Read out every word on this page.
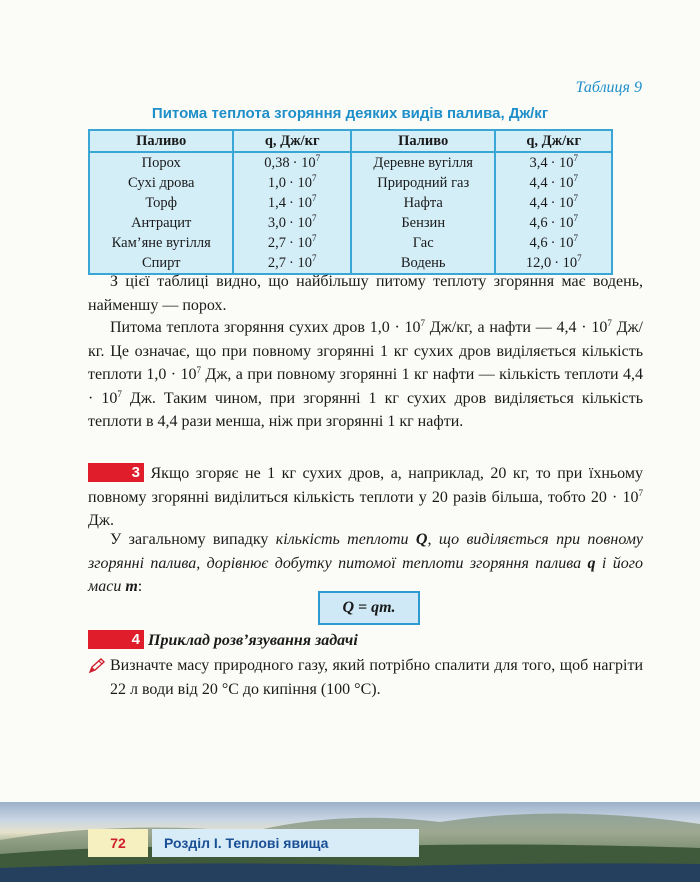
Таблиця 9
Питома теплота згоряння деяких видів палива, Дж/кг
Паливо	q, Дж/кг	Паливо	q, Дж/кг
Порох	$0,38 \cdot 10^7$	Деревне вугілля	$3,4 \cdot 10^7$
Сухі дрова	$1,0 \cdot 10^7$	Природний газ	$4,4 \cdot 10^7$
Торф	$1,4 \cdot 10^7$	Нафта	$4,4 \cdot 10^7$
Антрацит	$3,0 \cdot 10^7$	Бензин	$4,6 \cdot 10^7$
Кам’яне вугілля	$2,7 \cdot 10^7$	Гас	$4,6 \cdot 10^7$
Спирт	$2,7 \cdot 10^7$	Водень	$12,0 \cdot 10^7$

З цієї таблиці видно, що найбільшу питому теплоту згоряння має водень, найменшу — порох.

Питома теплота згоряння сухих дров $1,0 \cdot 10^7$ Дж/кг, а нафти — $4,4 \cdot 10^7$ Дж/кг. Це означає, що при повному згорянні 1 кг сухих дров виділяється кількість теплоти $1,0 \cdot 10^7$ Дж, а при повному згорянні 1 кг нафти — кількість теплоти $4,4 \cdot 10^7$ Дж. Таким чином, при згорянні 1 кг сухих дров виділяється кількість теплоти в 4,4 рази менша, ніж при згорянні 1 кг нафти.

3 Якщо згоряє не 1 кг сухих дров, а, наприклад, 20 кг, то при їхньому повному згорянні виділиться кількість теплоти у 20 разів більша, тобто $20 \cdot 10^7$ Дж.

У загальному випадку кількість теплоти Q, що виділяється при повному згорянні палива, дорівнює добутку питомої теплоти згоряння палива q і його маси m:

Q = qm.
4 Приклад розв’язування задачі

Визначте масу природного газу, який потрібно спалити для того, щоб нагріти 22 л води від 20 °С до кипіння (100 °С).

72	Розділ І. Теплові явища
